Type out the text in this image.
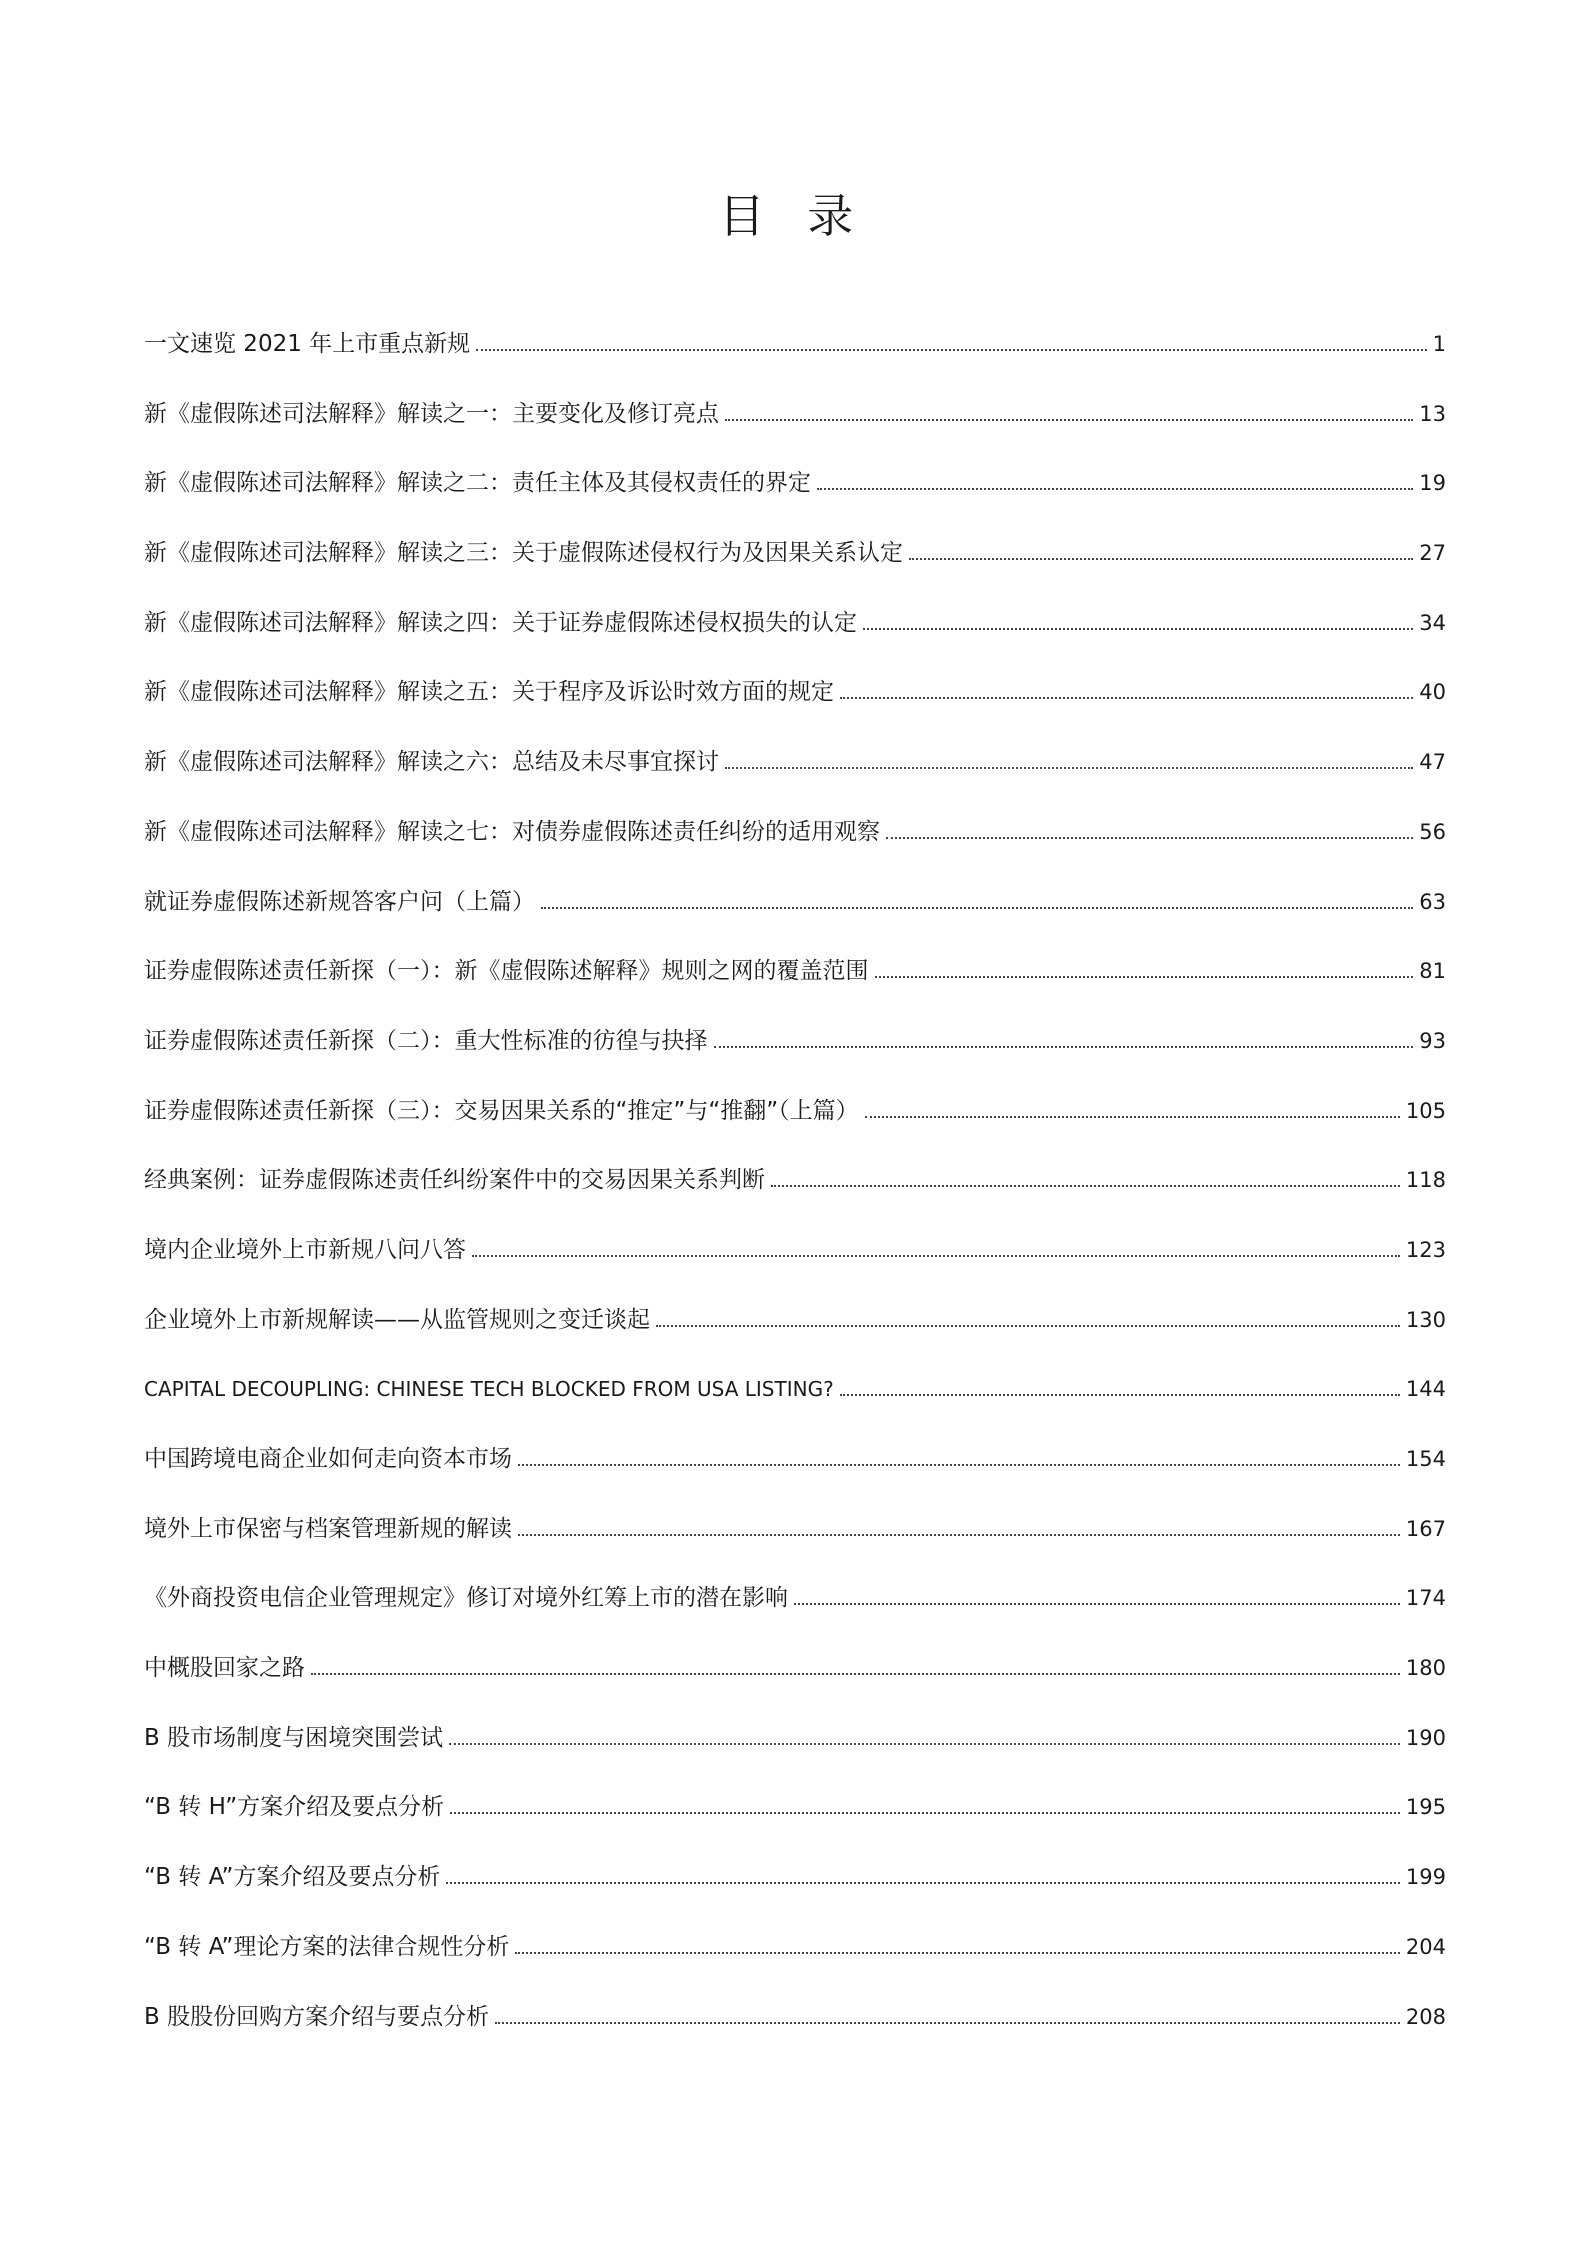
目 录
一文速览 2021 年上市重点新规	1
新《虚假陈述司法解释》解读之一：主要变化及修订亮点	13
新《虚假陈述司法解释》解读之二：责任主体及其侵权责任的界定	19
新《虚假陈述司法解释》解读之三：关于虚假陈述侵权行为及因果关系认定	27
新《虚假陈述司法解释》解读之四：关于证券虚假陈述侵权损失的认定	34
新《虚假陈述司法解释》解读之五：关于程序及诉讼时效方面的规定	40
新《虚假陈述司法解释》解读之六：总结及未尽事宜探讨	47
新《虚假陈述司法解释》解读之七：对债券虚假陈述责任纠纷的适用观察	56
就证券虚假陈述新规答客户问（上篇）	63
证券虚假陈述责任新探（一）：新《虚假陈述解释》规则之网的覆盖范围	81
证券虚假陈述责任新探（二）：重大性标准的彷徨与抉择	93
证券虚假陈述责任新探（三）：交易因果关系的“推定”与“推翻”（上篇）	105
经典案例：证券虚假陈述责任纠纷案件中的交易因果关系判断	118
境内企业境外上市新规八问八答	123
企业境外上市新规解读——从监管规则之变迁谈起	130
CAPITAL DECOUPLING: CHINESE TECH BLOCKED FROM USA LISTING?	144
中国跨境电商企业如何走向资本市场	154
境外上市保密与档案管理新规的解读	167
《外商投资电信企业管理规定》修订对境外红筹上市的潜在影响	174
中概股回家之路	180
B 股市场制度与困境突围尝试	190
“B 转 H”方案介绍及要点分析	195
“B 转 A”方案介绍及要点分析	199
“B 转 A”理论方案的法律合规性分析	204
B 股股份回购方案介绍与要点分析	208
